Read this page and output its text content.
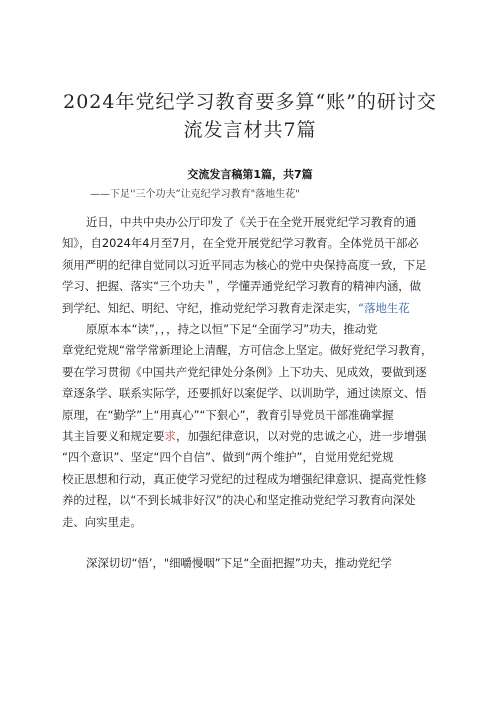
2024年党纪学习教育要多算“账”的研讨交
流发言材共7篇

交流发言稿第1篇，共7篇

——下足''三个功夫”让克纪学习教育"落地生花"
近日，中共中央办公厅印发了《关于在全党开展党纪学习教育的通
知》，自2024年4月至7月，在全党开展党纪学习教育。全体党员干部必
须用严明的纪律自觉同以习近平同志为核心的党中央保持高度一致，下足
学习、把握、落实“三个功夫＂，学懂弄通党纪学习教育的精神内涵，做
到学纪、知纪、明纪、守纪，推动党纪学习教育走深走实，“落地生花
原原本本“读”，，，持之以恒”下足“全面学习”功夫，推动党
章党纪党规“常学常新理论上清醒，方可信念上坚定。做好党纪学习教育，
要在学习贯彻《中国共产党纪律处分条例》上下功夫、见成效，要做到逐
章逐条学、联系实际学，还要抓好以案促学、以训助学，通过读原文、悟
原理，在“勤学”上“用真心”“下狠心”，教育引导党员干部准确掌握
其主旨要义和规定要求，加强纪律意识，以对党的忠诚之心，进一步增强
“四个意识”、坚定“四个自信”、做到“两个维护”，自觉用党纪党规
校正思想和行动，真正使学习党纪的过程成为增强纪律意识、提高党性修
养的过程，以“不到长城非好汉”的决心和坚定推动党纪学习教育向深处
走、向实里走。
深深切切“悟’，"细嚼慢咽”下足“全面把握”功夫，推动党纪学
